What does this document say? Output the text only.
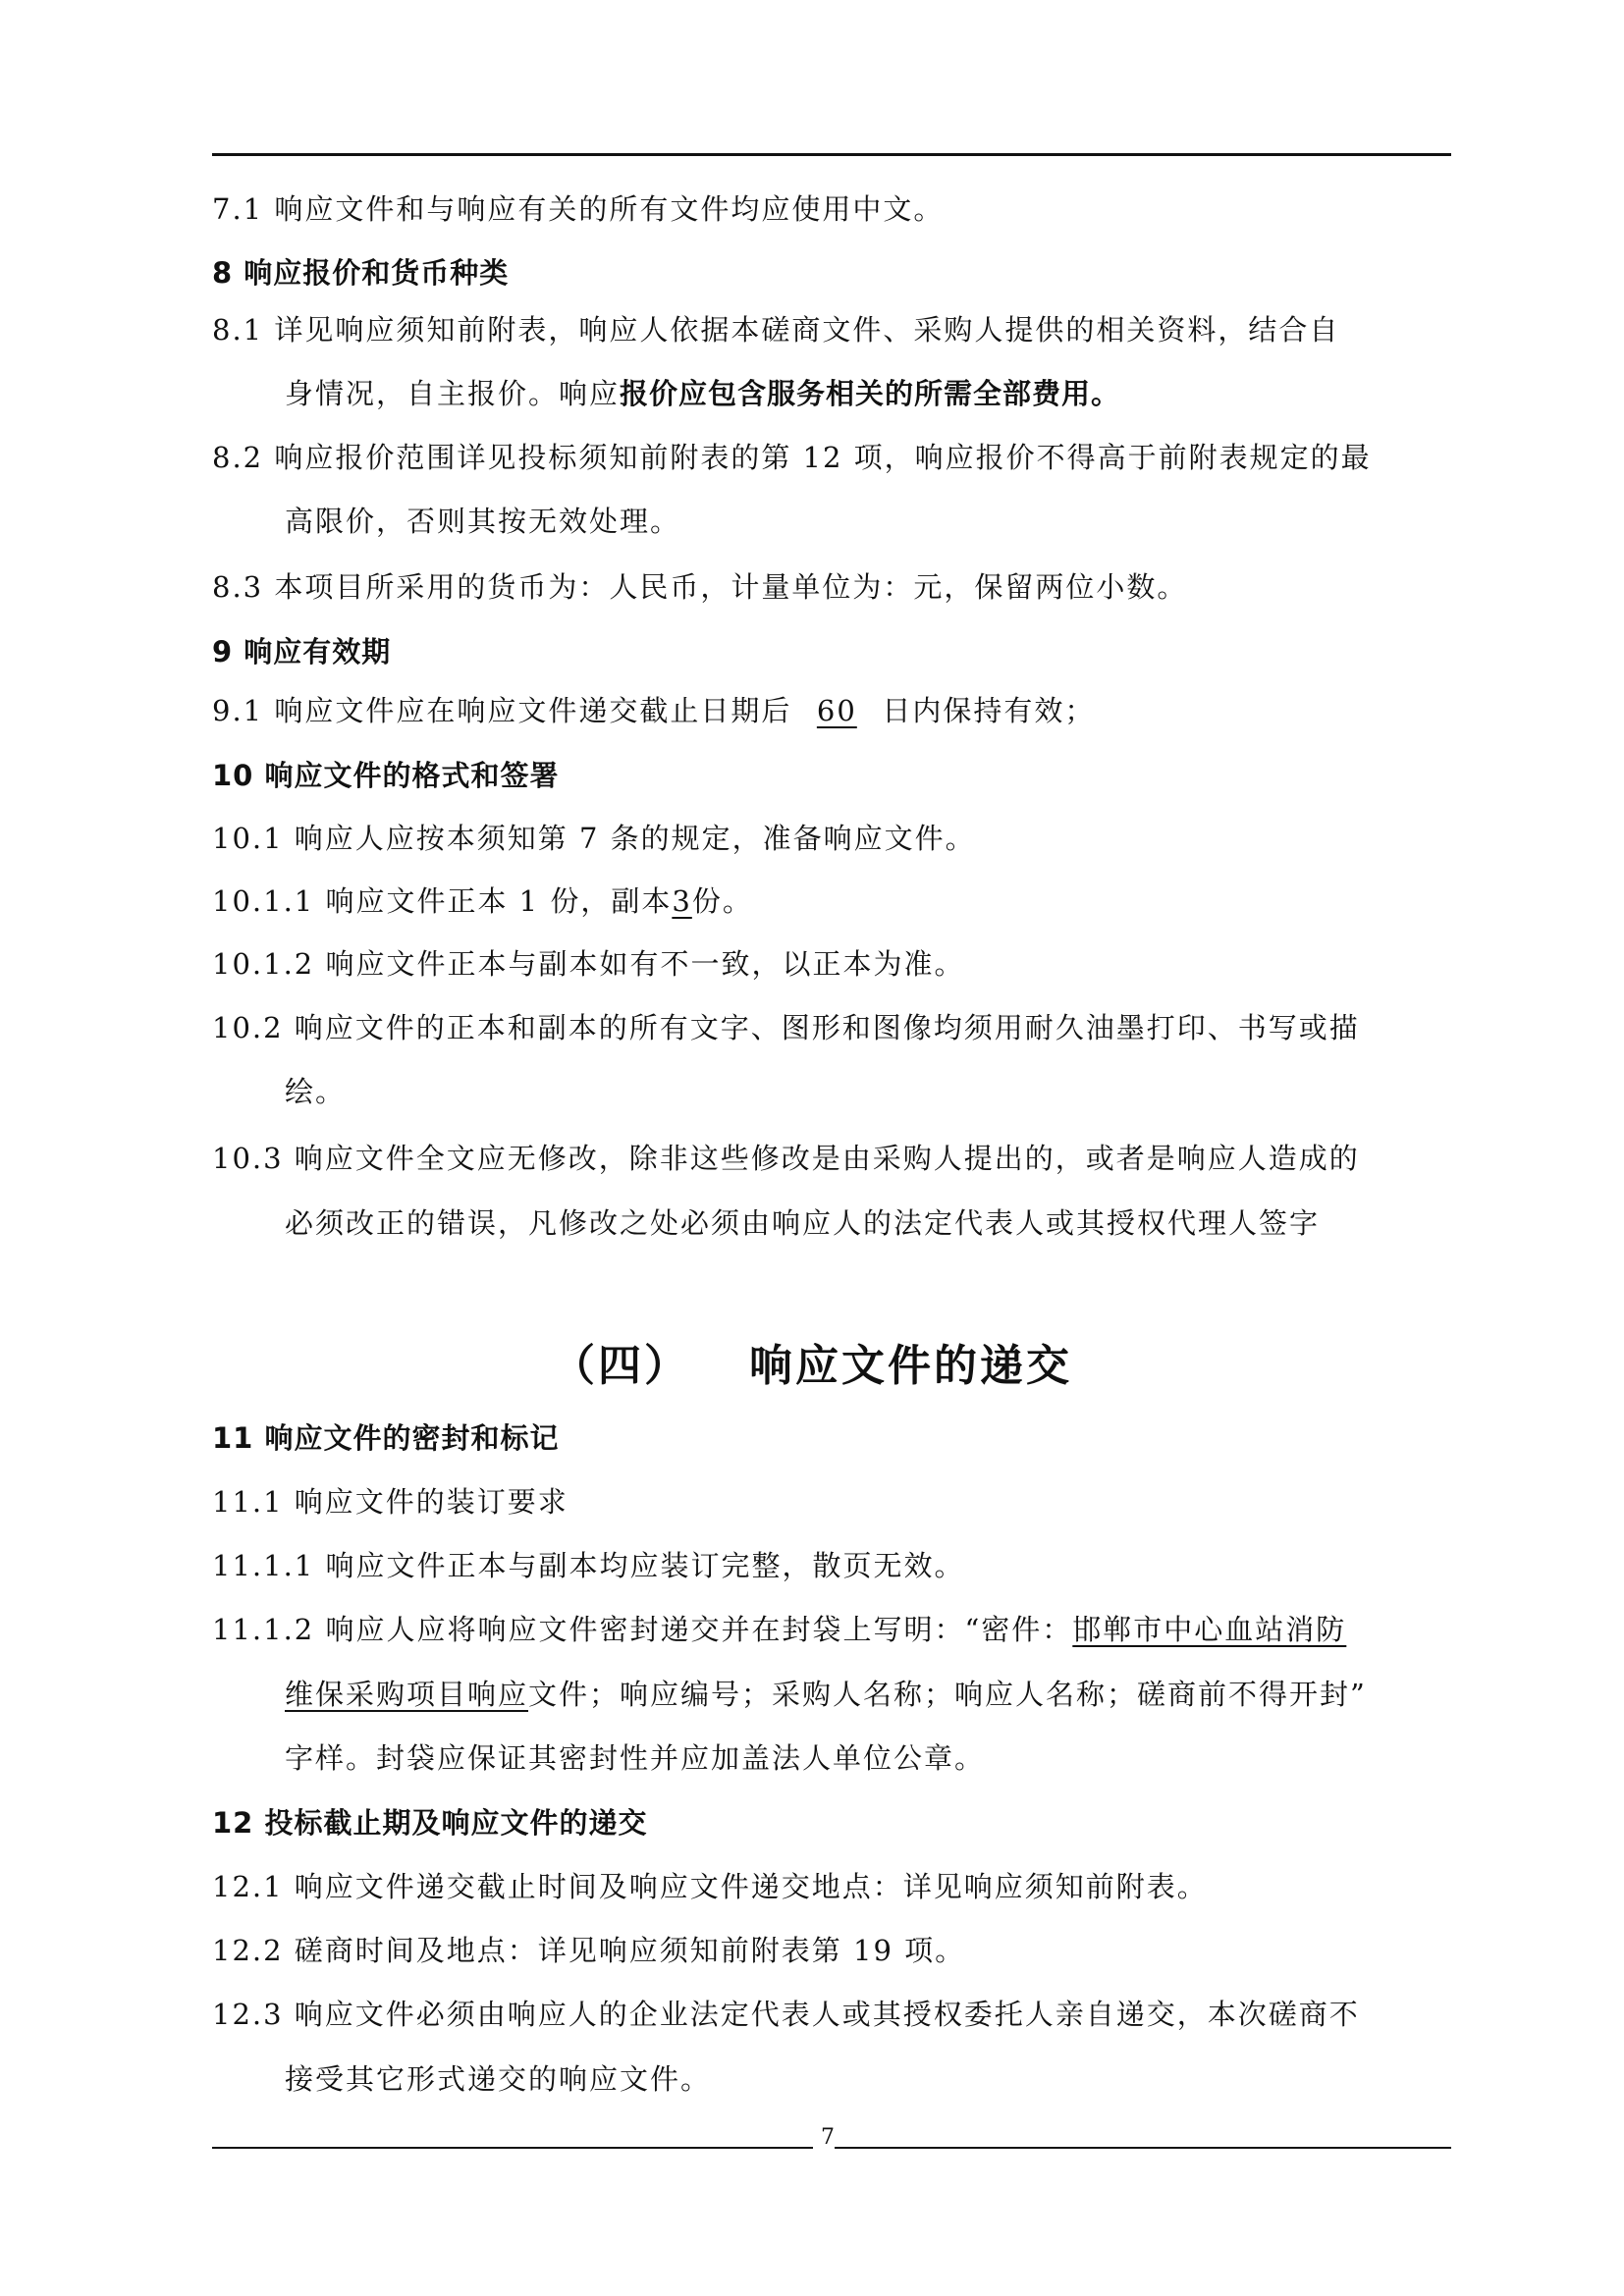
7.1 响应文件和与响应有关的所有文件均应使用中文。
8 响应报价和货币种类
8.1 详见响应须知前附表，响应人依据本磋商文件、采购人提供的相关资料，结合自
身情况，自主报价。响应报价应包含服务相关的所需全部费用。
8.2 响应报价范围详见投标须知前附表的第 12 项，响应报价不得高于前附表规定的最
高限价，否则其按无效处理。
8.3 本项目所采用的货币为：人民币，计量单位为：元，保留两位小数。
9 响应有效期
9.1 响应文件应在响应文件递交截止日期后 60 日内保持有效；
10 响应文件的格式和签署
10.1 响应人应按本须知第 7 条的规定，准备响应文件。
10.1.1 响应文件正本 1 份，副本3份。
10.1.2 响应文件正本与副本如有不一致，以正本为准。
10.2 响应文件的正本和副本的所有文字、图形和图像均须用耐久油墨打印、书写或描
绘。
10.3 响应文件全文应无修改，除非这些修改是由采购人提出的，或者是响应人造成的
必须改正的错误，凡修改之处必须由响应人的法定代表人或其授权代理人签字
（四） 响应文件的递交
11 响应文件的密封和标记
11.1 响应文件的装订要求
11.1.1 响应文件正本与副本均应装订完整，散页无效。
11.1.2 响应人应将响应文件密封递交并在封袋上写明：“密件：邯郸市中心血站消防
维保采购项目响应文件；响应编号；采购人名称；响应人名称；磋商前不得开封”
字样。封袋应保证其密封性并应加盖法人单位公章。
12 投标截止期及响应文件的递交
12.1 响应文件递交截止时间及响应文件递交地点：详见响应须知前附表。
12.2 磋商时间及地点：详见响应须知前附表第 19 项。
12.3 响应文件必须由响应人的企业法定代表人或其授权委托人亲自递交，本次磋商不
接受其它形式递交的响应文件。
7
